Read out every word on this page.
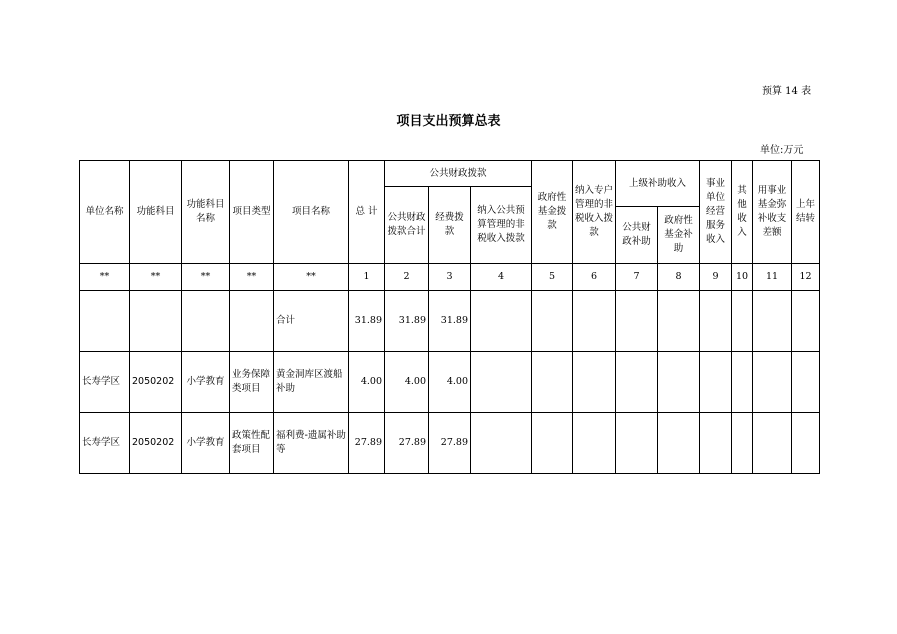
预算 14 表
项目支出预算总表
单位:万元
单位名称	功能科目	功能科目名称	项目类型	项目名称	总 计	公共财政拨款			政府性基金拨款	纳入专户管理的非税收入拨款	上级补助收入		事业单位经营服务收入	其他收入	用事业基金弥补收支差额	上年结转
						公共财政拨款合计	经费拨款	纳入公共预算管理的非税收入拨款								
											公共财政补助	政府性基金补助				
**	**	**	**	**	1	2	3	4	5	6	7	8	9	10	11	12
				合计	31.89	31.89	31.89									
长寿学区	2050202	小学教育	业务保障类项目	黄金洞库区渡船补助	4.00	4.00	4.00									
长寿学区	2050202	小学教育	政策性配套项目	福利费-遗属补助等	27.89	27.89	27.89									
